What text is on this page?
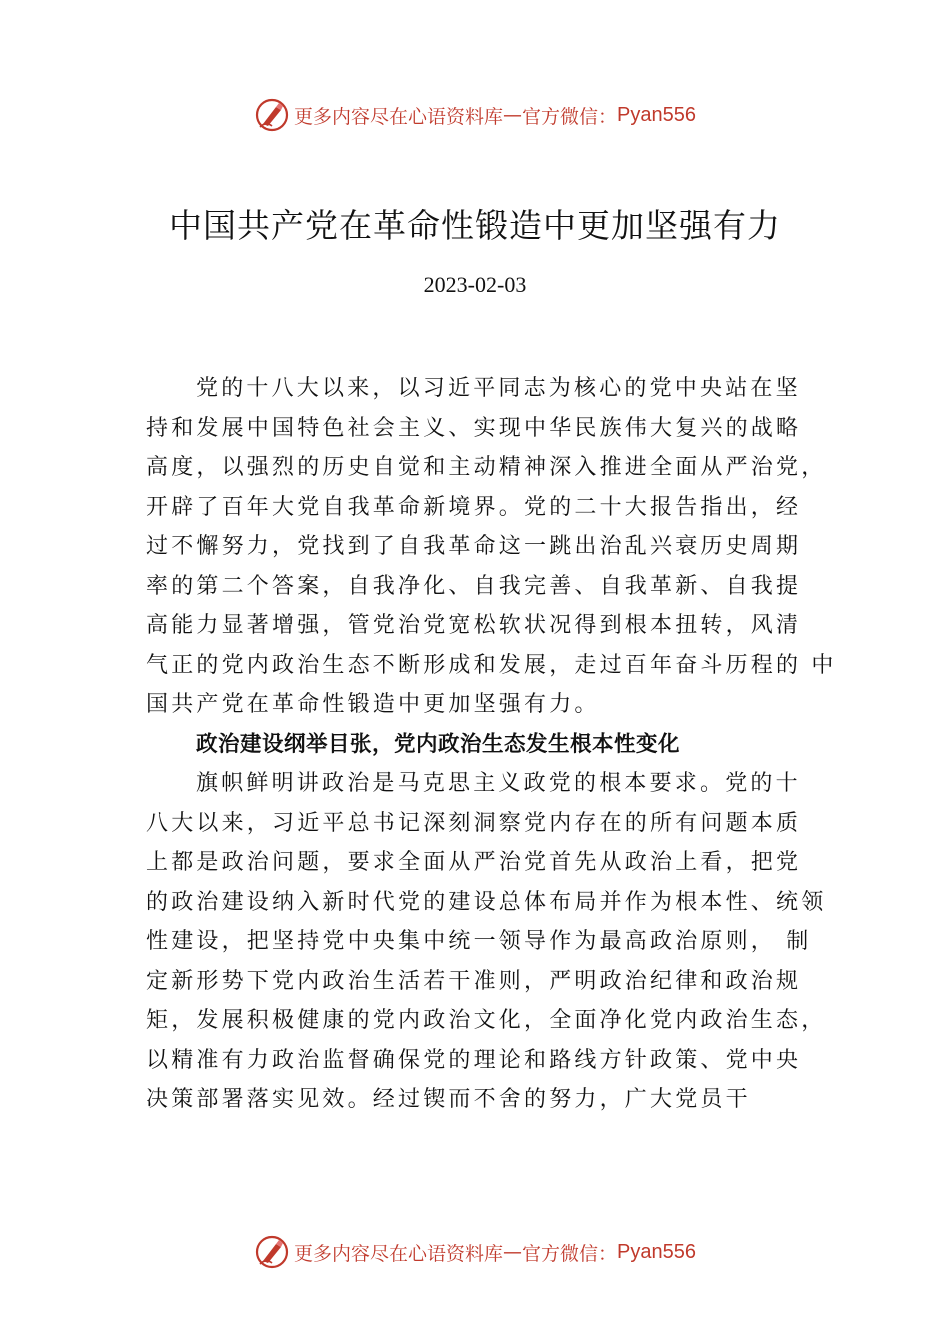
更多内容尽在心语资料库 — 官方微信： Pyan556
中国共产党在革命性锻造中更加坚强有力
2023-02-03
党的十八大以来，以习近平同志为核心的党中央站在坚
持和发展中国特色社会主义、实现中华民族伟大复兴的战略
高度，以强烈的历史自觉和主动精神深入推进全面从严治党，
开辟了百年大党自我革命新境界。党的二十大报告指出，经
过不懈努力，党找到了自我革命这一跳出治乱兴衰历史周期
率的第二个答案，自我净化、自我完善、自我革新、自我提
高能力显著增强，管党治党宽松软状况得到根本扭转，风清
气正的党内政治生态不断形成和发展，走过百年奋斗历程的 中
国共产党在革命性锻造中更加坚强有力。
政治建设纲举目张，党内政治生态发生根本性变化
旗帜鲜明讲政治是马克思主义政党的根本要求。党的十
八大以来，习近平总书记深刻洞察党内存在的所有问题本质
上都是政治问题，要求全面从严治党首先从政治上看，把党
的政治建设纳入新时代党的建设总体布局并作为根本性、统领
性建设，把坚持党中央集中统一领导作为最高政治原则， 制
定新形势下党内政治生活若干准则，严明政治纪律和政治规
矩，发展积极健康的党内政治文化，全面净化党内政治生态，
以精准有力政治监督确保党的理论和路线方针政策、党中央
决策部署落实见效。经过锲而不舍的努力，广大党员干
更多内容尽在心语资料库 — 官方微信： Pyan556
